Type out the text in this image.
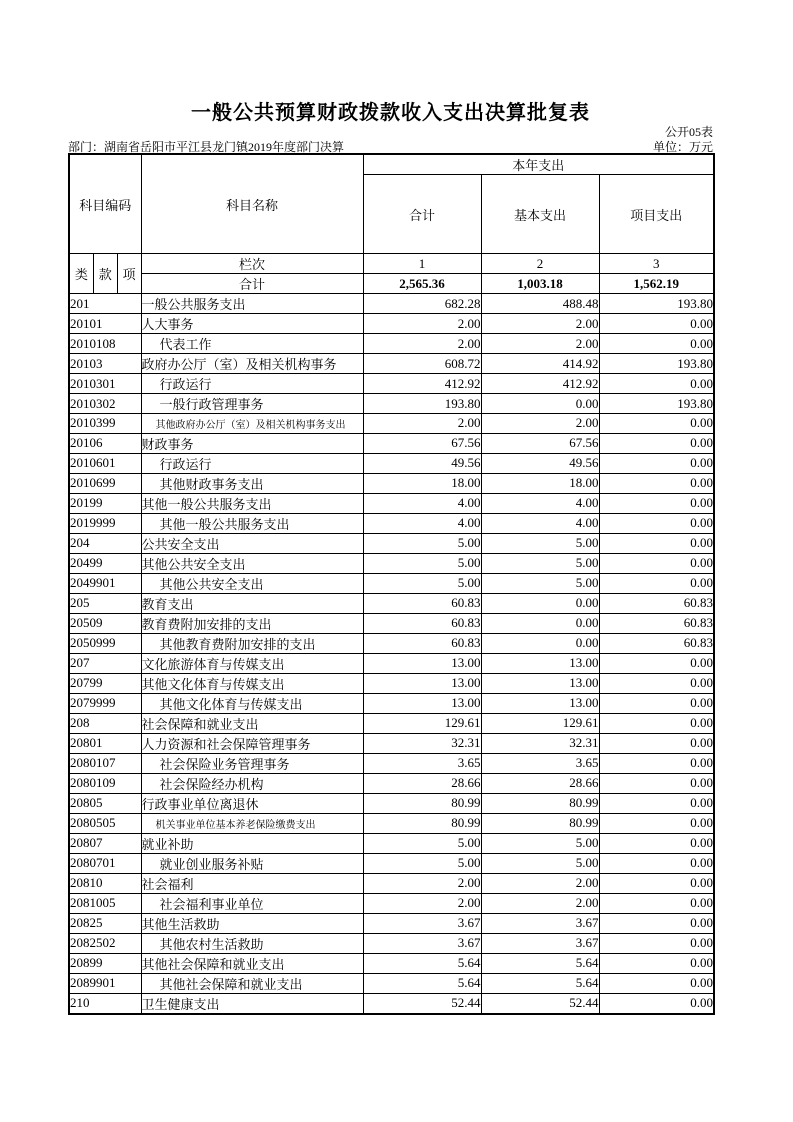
一般公共预算财政拨款收入支出决算批复表
公开05表
部门：湖南省岳阳市平江县龙门镇2019年度部门决算	单位：万元
科目编码	科目名称	本年支出		
		合计	基本支出	项目支出

类 款 项	栏次	1	2	3
	合计	2,565.36	1,003.18	1,562.19
201	一般公共服务支出	682.28	488.48	193.80
20101	人大事务	2.00	2.00	0.00
2010108	代表工作	2.00	2.00	0.00
20103	政府办公厅（室）及相关机构事务	608.72	414.92	193.80
2010301	行政运行	412.92	412.92	0.00
2010302	一般行政管理事务	193.80	0.00	193.80
2010399	其他政府办公厅（室）及相关机构事务支出	2.00	2.00	0.00
20106	财政事务	67.56	67.56	0.00
2010601	行政运行	49.56	49.56	0.00
2010699	其他财政事务支出	18.00	18.00	0.00
20199	其他一般公共服务支出	4.00	4.00	0.00
2019999	其他一般公共服务支出	4.00	4.00	0.00
204	公共安全支出	5.00	5.00	0.00
20499	其他公共安全支出	5.00	5.00	0.00
2049901	其他公共安全支出	5.00	5.00	0.00
205	教育支出	60.83	0.00	60.83
20509	教育费附加安排的支出	60.83	0.00	60.83
2050999	其他教育费附加安排的支出	60.83	0.00	60.83
207	文化旅游体育与传媒支出	13.00	13.00	0.00
20799	其他文化体育与传媒支出	13.00	13.00	0.00
2079999	其他文化体育与传媒支出	13.00	13.00	0.00
208	社会保障和就业支出	129.61	129.61	0.00
20801	人力资源和社会保障管理事务	32.31	32.31	0.00
2080107	社会保险业务管理事务	3.65	3.65	0.00
2080109	社会保险经办机构	28.66	28.66	0.00
20805	行政事业单位离退休	80.99	80.99	0.00
2080505	机关事业单位基本养老保险缴费支出	80.99	80.99	0.00
20807	就业补助	5.00	5.00	0.00
2080701	就业创业服务补贴	5.00	5.00	0.00
20810	社会福利	2.00	2.00	0.00
2081005	社会福利事业单位	2.00	2.00	0.00
20825	其他生活救助	3.67	3.67	0.00
2082502	其他农村生活救助	3.67	3.67	0.00
20899	其他社会保障和就业支出	5.64	5.64	0.00
2089901	其他社会保障和就业支出	5.64	5.64	0.00
210	卫生健康支出	52.44	52.44	0.00
